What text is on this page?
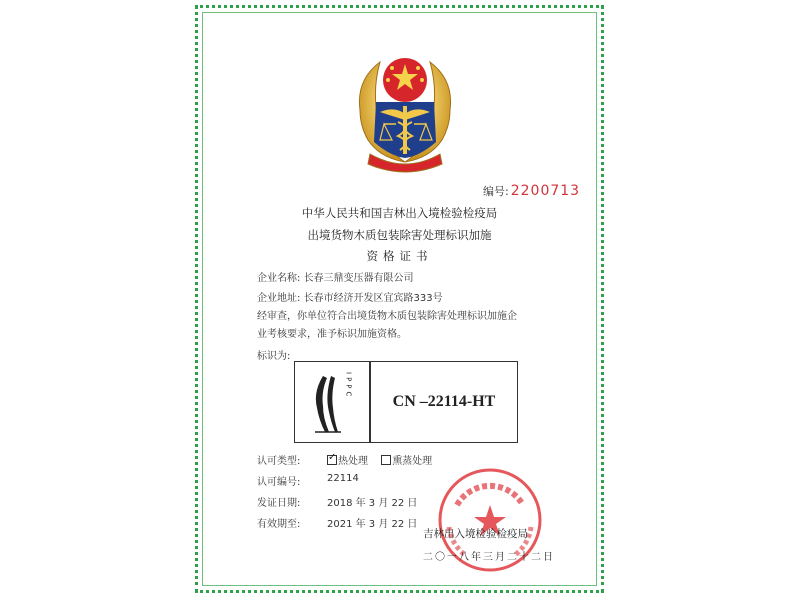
编号: 2200713
中华人民共和国吉林出入境检验检疫局
出境货物木质包装除害处理标识加施
资格证书
企业名称: 长春三鼎变压器有限公司
企业地址: 长春市经济开发区宜宾路333号
经审查，你单位符合出境货物木质包装除害处理标识加施企
业考核要求，准予标识加施资格。
标识为:
IPPC
CN –22114-HT
认可类型:	✓ 热处理 熏蒸处理
认可编号:	22114
发证日期:	2018 年 3 月 22 日
有效期至:	2021 年 3 月 22 日
吉林出入境检验检疫局
二〇一八年三月二十二日
